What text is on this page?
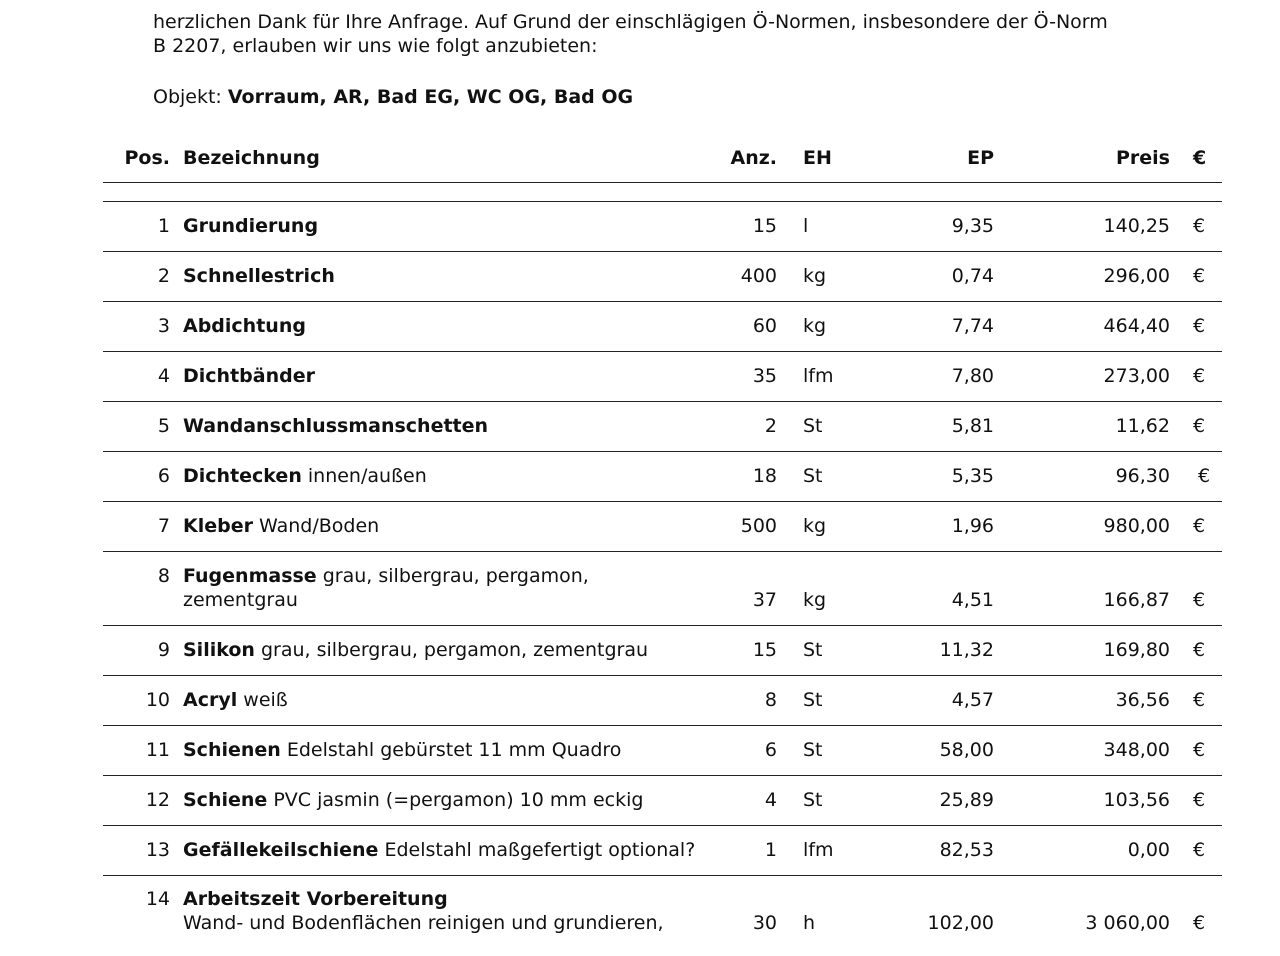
herzlichen Dank für Ihre Anfrage. Auf Grund der einschlägigen Ö-Normen, insbesondere der Ö-Norm
B 2207, erlauben wir uns wie folgt anzubieten:
Objekt: Vorraum, AR, Bad EG, WC OG, Bad OG
Pos. Bezeichnung	Anz. EH	EP	Preis €
1 Grundierung	15 l	9,35	140,25 €
2 Schnellestrich	400 kg	0,74	296,00 €
3 Abdichtung	60 kg	7,74	464,40 €
4 Dichtbänder	35 lfm	7,80	273,00 €
5 Wandanschlussmanschetten	2 St	5,81	11,62 €
6 Dichtecken innen/außen	18 St	5,35	96,30 €
7 Kleber Wand/Boden	500 kg	1,96	980,00 €
8 Fugenmasse grau, silbergrau, pergamon, zementgrau	37 kg	4,51	166,87 €
9 Silikon grau, silbergrau, pergamon, zementgrau	15 St	11,32	169,80 €
10 Acryl weiß	8 St	4,57	36,56 €
11 Schienen Edelstahl gebürstet 11 mm Quadro	6 St	58,00	348,00 €
12 Schiene PVC jasmin (=pergamon) 10 mm eckig	4 St	25,89	103,56 €
13 Gefällekeilschiene Edelstahl maßgefertigt optional?	1 lfm	82,53	0,00 €
14 Arbeitszeit Vorbereitung
Wand- und Bodenflächen reinigen und grundieren,	30 h	102,00	3 060,00 €
